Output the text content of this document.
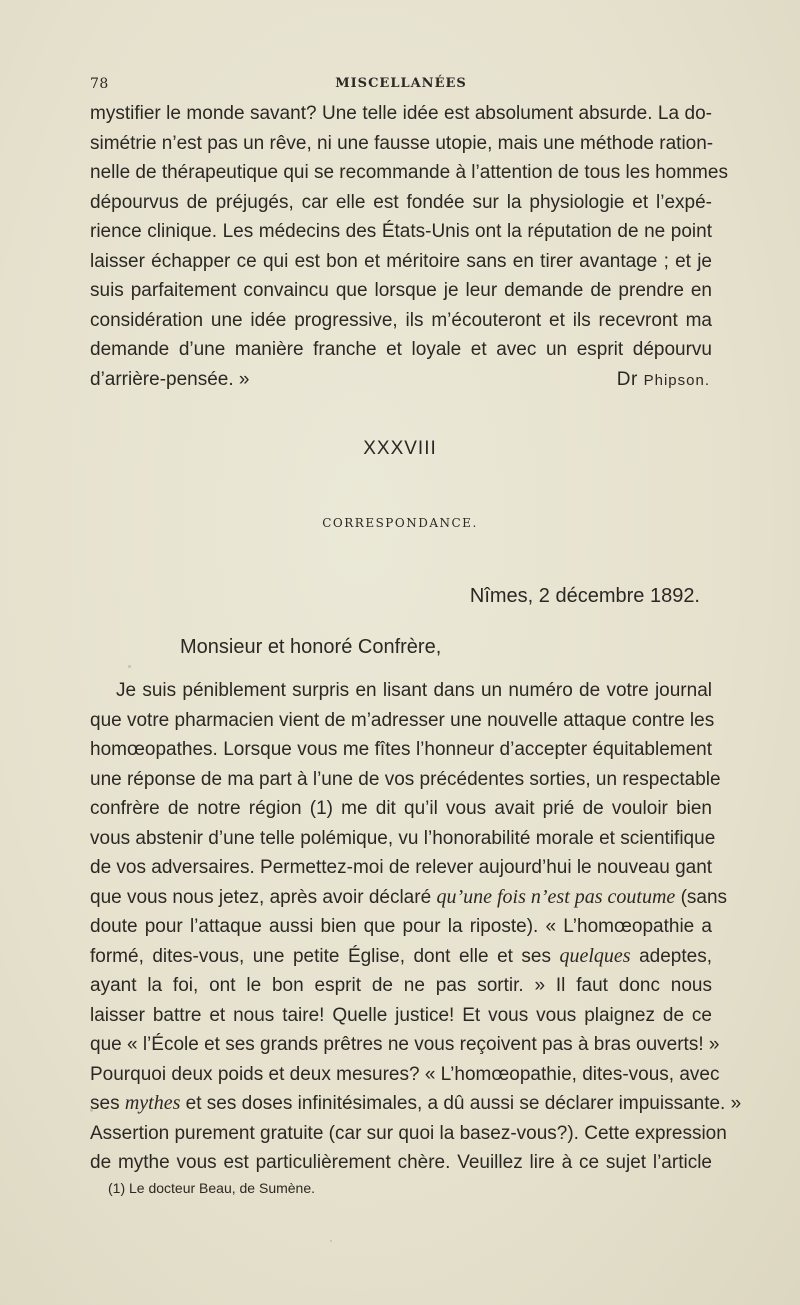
78	MISCELLANÉES
mystifier le monde savant? Une telle idée est absolument absurde. La do-
simétrie n’est pas un rêve, ni une fausse utopie, mais une méthode ration-
nelle de thérapeutique qui se recommande à l’attention de tous les hommes
dépourvus de préjugés, car elle est fondée sur la physiologie et l’expé-
rience clinique. Les médecins des États-Unis ont la réputation de ne point
laisser échapper ce qui est bon et méritoire sans en tirer avantage ; et je
suis parfaitement convaincu que lorsque je leur demande de prendre en
considération une idée progressive, ils m’écouteront et ils recevront ma
demande d’une manière franche et loyale et avec un esprit dépourvu
d’arrière-pensée. »	Dr Phipson.
XXXVIII
CORRESPONDANCE.
Nîmes, 2 décembre 1892.
Monsieur et honoré Confrère,
Je suis péniblement surpris en lisant dans un numéro de votre journal
que votre pharmacien vient de m’adresser une nouvelle attaque contre les
homœopathes. Lorsque vous me fîtes l’honneur d’accepter équitablement
une réponse de ma part à l’une de vos précédentes sorties, un respectable
confrère de notre région (1) me dit qu’il vous avait prié de vouloir bien
vous abstenir d’une telle polémique, vu l’honorabilité morale et scientifique
de vos adversaires. Permettez-moi de relever aujourd’hui le nouveau gant
que vous nous jetez, après avoir déclaré qu’une fois n’est pas coutume (sans
doute pour l’attaque aussi bien que pour la riposte). « L’homœopathie a
formé, dites-vous, une petite Église, dont elle et ses quelques adeptes,
ayant la foi, ont le bon esprit de ne pas sortir. » Il faut donc nous
laisser battre et nous taire! Quelle justice! Et vous vous plaignez de ce
que « l’École et ses grands prêtres ne vous reçoivent pas à bras ouverts! »
Pourquoi deux poids et deux mesures? « L’homœopathie, dites-vous, avec
ses mythes et ses doses infinitésimales, a dû aussi se déclarer impuissante. »
Assertion purement gratuite (car sur quoi la basez-vous?). Cette expression
de mythe vous est particulièrement chère. Veuillez lire à ce sujet l’article
(1) Le docteur Beau, de Sumène.
